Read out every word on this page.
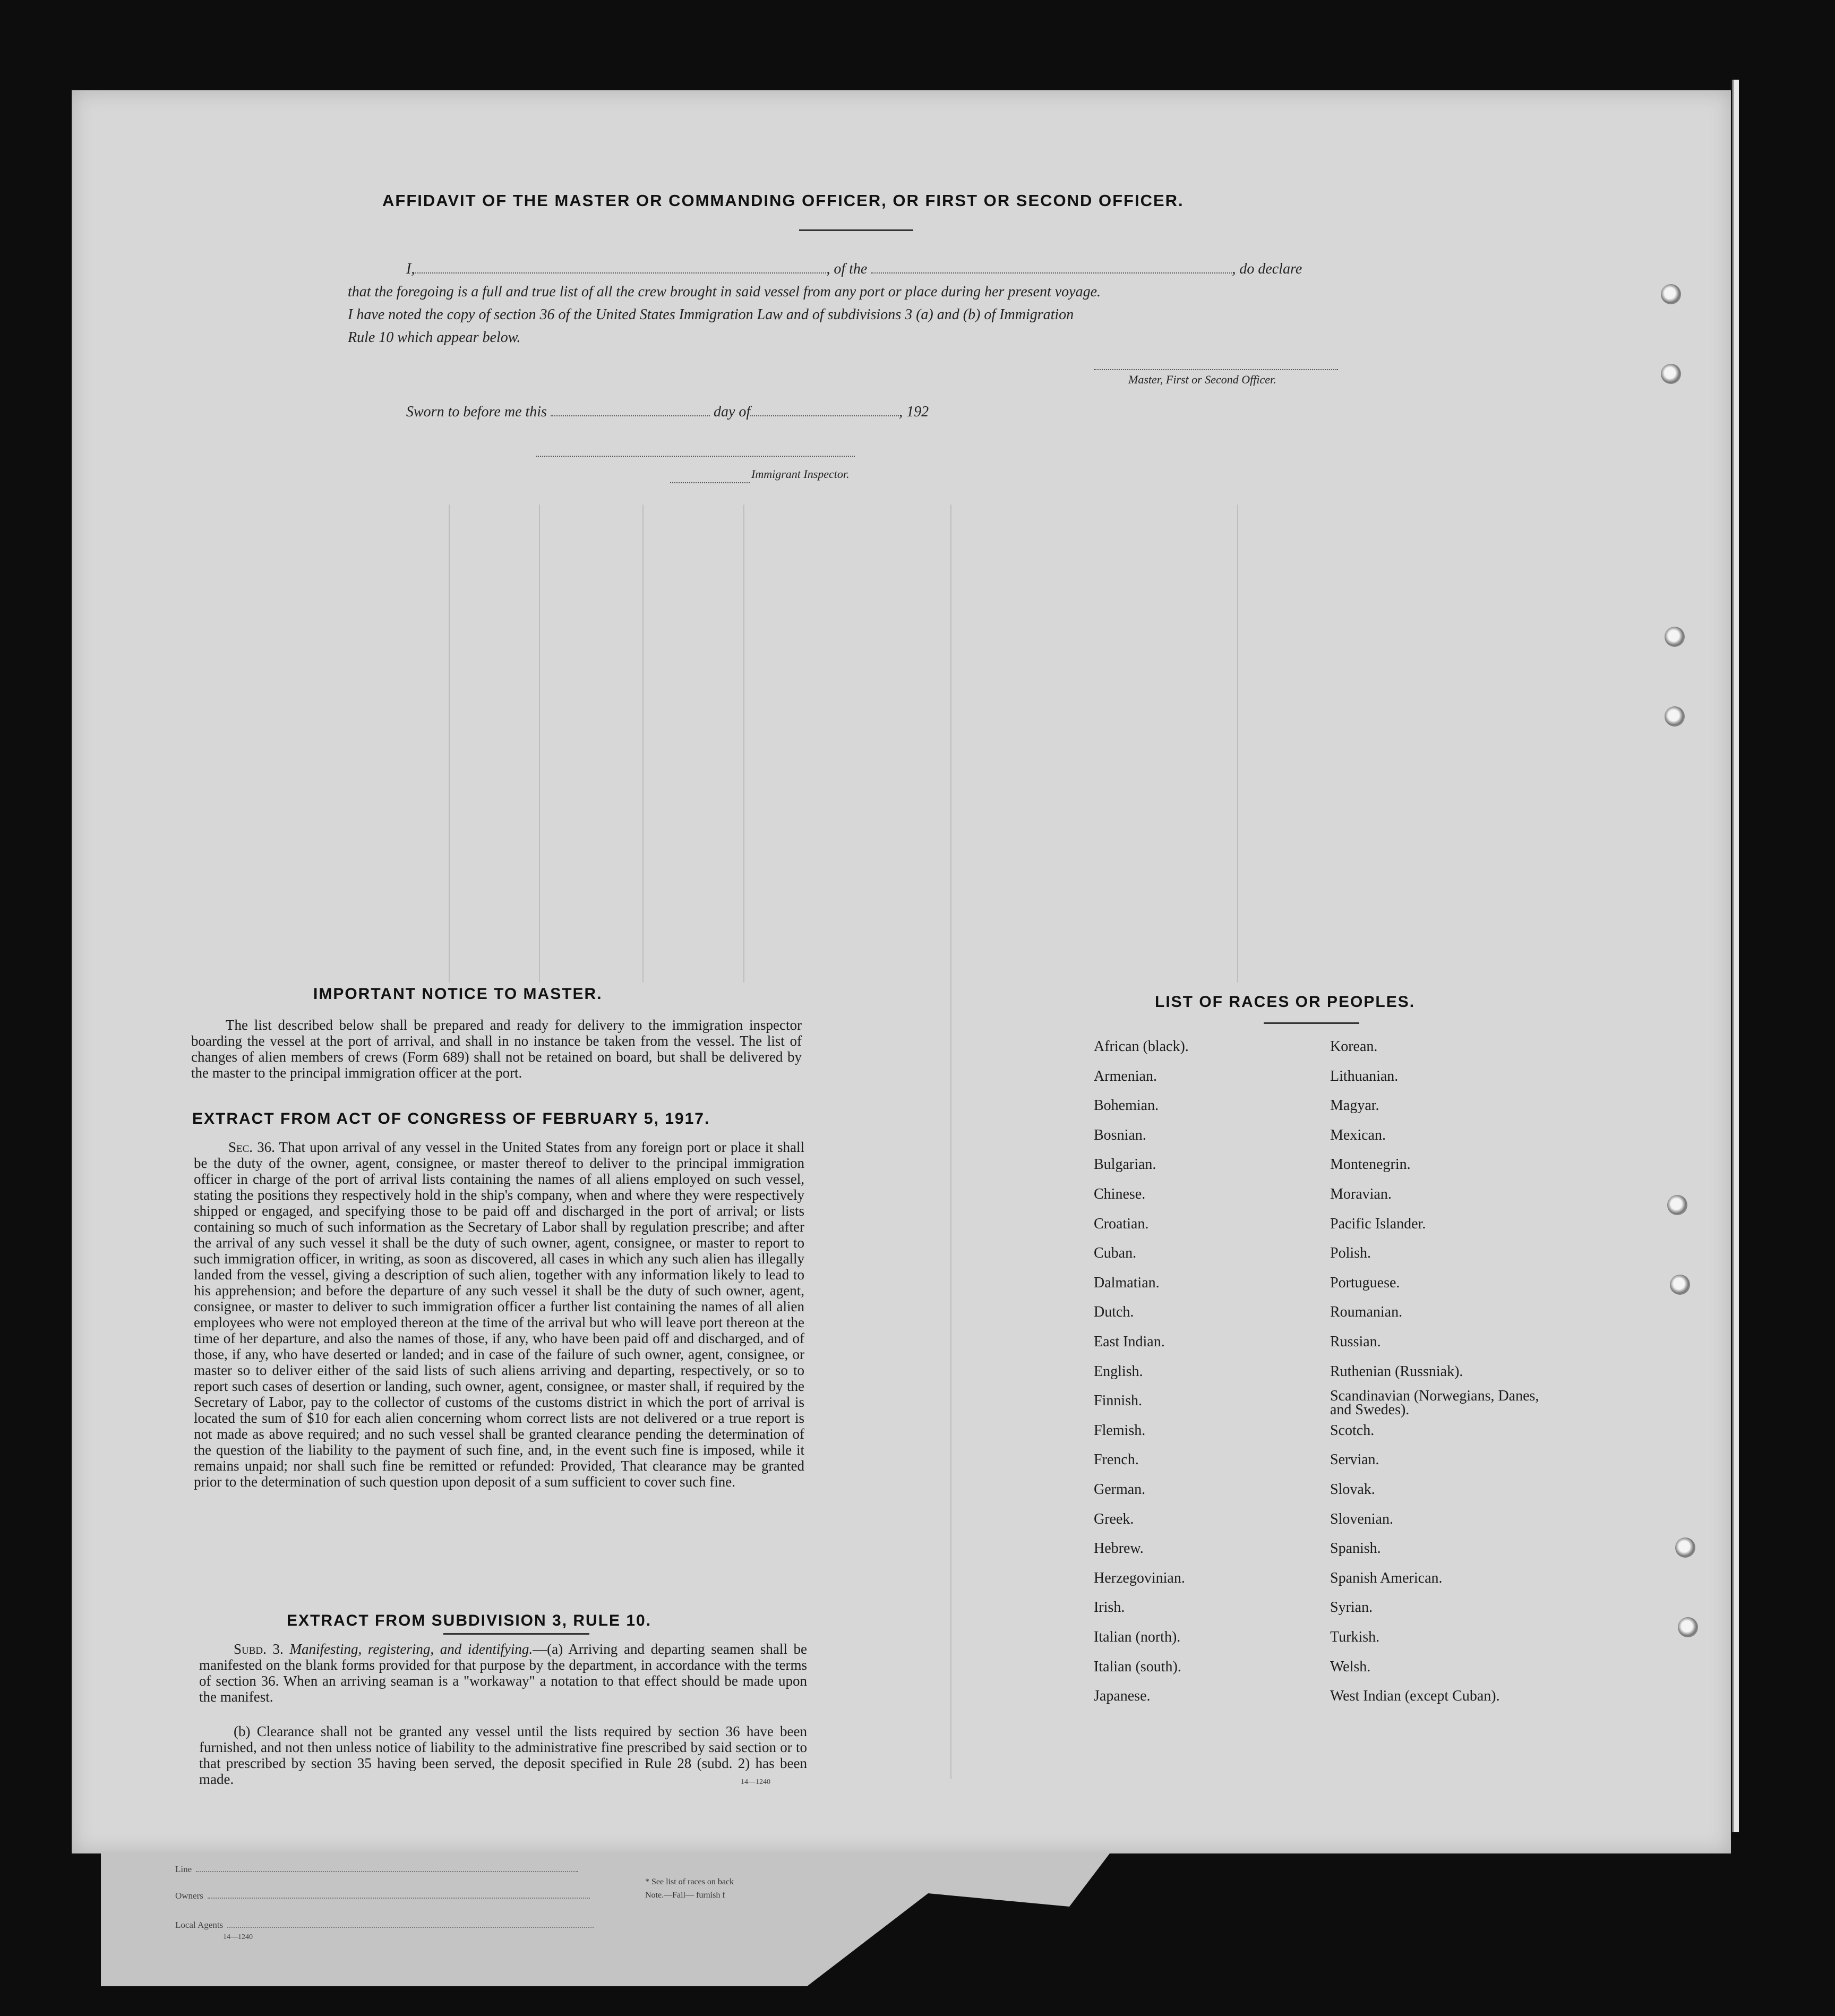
AFFIDAVIT OF THE MASTER OR COMMANDING OFFICER, OR FIRST OR SECOND OFFICER.
I,	, of the	, do declare
that the foregoing is a full and true list of all the crew brought in said vessel from any port or place during her present voyage.
I have noted the copy of section 36 of the United States Immigration Law and of subdivisions 3 (a) and (b) of Immigration
Rule 10 which appear below.
Master, First or Second Officer.
Sworn to before me this	day of	, 192
Immigrant Inspector.
IMPORTANT NOTICE TO MASTER.
The list described below shall be prepared and ready for delivery to the immigration inspector boarding the vessel at the port of arrival, and shall in no instance be taken from the vessel. The list of changes of alien members of crews (Form 689) shall not be retained on board, but shall be delivered by the master to the principal immigration officer at the port.
EXTRACT FROM ACT OF CONGRESS OF FEBRUARY 5, 1917.
Sec. 36. That upon arrival of any vessel in the United States from any foreign port or place it shall be the duty of the owner, agent, consignee, or master thereof to deliver to the principal immigration officer in charge of the port of arrival lists containing the names of all aliens employed on such vessel, stating the positions they respectively hold in the ship's company, when and where they were respectively shipped or engaged, and specifying those to be paid off and discharged in the port of arrival; or lists containing so much of such information as the Secretary of Labor shall by regulation prescribe; and after the arrival of any such vessel it shall be the duty of such owner, agent, consignee, or master to report to such immigration officer, in writing, as soon as discovered, all cases in which any such alien has illegally landed from the vessel, giving a description of such alien, together with any information likely to lead to his apprehension; and before the departure of any such vessel it shall be the duty of such owner, agent, consignee, or master to deliver to such immigration officer a further list containing the names of all alien employees who were not employed thereon at the time of the arrival but who will leave port thereon at the time of her departure, and also the names of those, if any, who have been paid off and discharged, and of those, if any, who have deserted or landed; and in case of the failure of such owner, agent, consignee, or master so to deliver either of the said lists of such aliens arriving and departing, respectively, or so to report such cases of desertion or landing, such owner, agent, consignee, or master shall, if required by the Secretary of Labor, pay to the collector of customs of the customs district in which the port of arrival is located the sum of $10 for each alien concerning whom correct lists are not delivered or a true report is not made as above required; and no such vessel shall be granted clearance pending the determination of the question of the liability to the payment of such fine, and, in the event such fine is imposed, while it remains unpaid; nor shall such fine be remitted or refunded: Provided, That clearance may be granted prior to the determination of such question upon deposit of a sum sufficient to cover such fine.
EXTRACT FROM SUBDIVISION 3, RULE 10.
Subd. 3. Manifesting, registering, and identifying.—(a) Arriving and departing seamen shall be manifested on the blank forms provided for that purpose by the department, in accordance with the terms of section 36. When an arriving seaman is a "workaway" a notation to that effect should be made upon the manifest.
(b) Clearance shall not be granted any vessel until the lists required by section 36 have been furnished, and not then unless notice of liability to the administrative fine prescribed by said section or to that prescribed by section 35 having been served, the deposit specified in Rule 28 (subd. 2) has been made.	14—1240
LIST OF RACES OR PEOPLES.
African (black).
Armenian.
Bohemian.
Bosnian.
Bulgarian.
Chinese.
Croatian.
Cuban.
Dalmatian.
Dutch.
East Indian.
English.
Finnish.
Flemish.
French.
German.
Greek.
Hebrew.
Herzegovinian.
Irish.
Italian (north).
Italian (south).
Japanese.
Korean.
Lithuanian.
Magyar.
Mexican.
Montenegrin.
Moravian.
Pacific Islander.
Polish.
Portuguese.
Roumanian.
Russian.
Ruthenian (Russniak).
Scandinavian (Norwegians, Danes, and Swedes).
Scotch.
Servian.
Slovak.
Slovenian.
Spanish.
Spanish American.
Syrian.
Turkish.
Welsh.
West Indian (except Cuban).
Line
Owners
Local Agents
14—1240
* See list of races on back
Note.—Fail— furnish f
